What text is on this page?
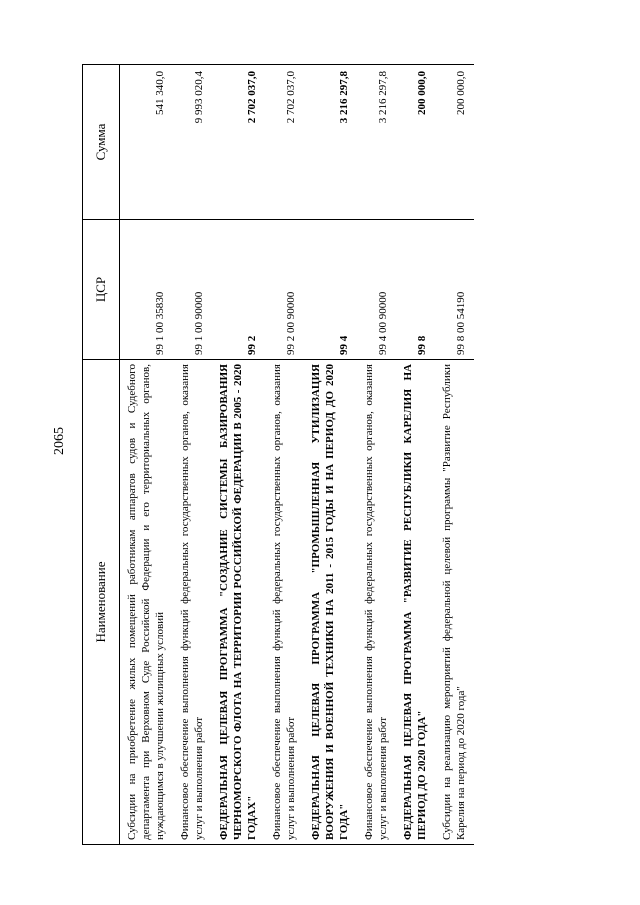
2065
Наименование	ЦСР	Сумма
Субсидии на приобретение жилых помещений работникам аппаратов судов и Судебного департамента при Верховном Суде Российской Федерации и его территориальных органов, нуждающимся в улучшении жилищных условий	99 1 00 35830	541 340,0
Финансовое обеспечение выполнения функций федеральных государственных органов, оказания услуг и выполнения работ	99 1 00 90000	9 993 020,4
ФЕДЕРАЛЬНАЯ ЦЕЛЕВАЯ ПРОГРАММА "СОЗДАНИЕ СИСТЕМЫ БАЗИРОВАНИЯ ЧЕРНОМОРСКОГО ФЛОТА НА ТЕРРИТОРИИ РОССИЙСКОЙ ФЕДЕРАЦИИ В 2005 - 2020 ГОДАХ"	99 2	2 702 037,0
Финансовое обеспечение выполнения функций федеральных государственных органов, оказания услуг и выполнения работ	99 2 00 90000	2 702 037,0
ФЕДЕРАЛЬНАЯ ЦЕЛЕВАЯ ПРОГРАММА "ПРОМЫШЛЕННАЯ УТИЛИЗАЦИЯ ВООРУЖЕНИЯ И ВОЕННОЙ ТЕХНИКИ НА 2011 - 2015 ГОДЫ И НА ПЕРИОД ДО 2020 ГОДА"	99 4	3 216 297,8
Финансовое обеспечение выполнения функций федеральных государственных органов, оказания услуг и выполнения работ	99 4 00 90000	3 216 297,8
ФЕДЕРАЛЬНАЯ ЦЕЛЕВАЯ ПРОГРАММА "РАЗВИТИЕ РЕСПУБЛИКИ КАРЕЛИЯ НА ПЕРИОД ДО 2020 ГОДА"	99 8	200 000,0
Субсидии на реализацию мероприятий федеральной целевой программы "Развитие Республики Карелия на период до 2020 года"	99 8 00 54190	200 000,0
